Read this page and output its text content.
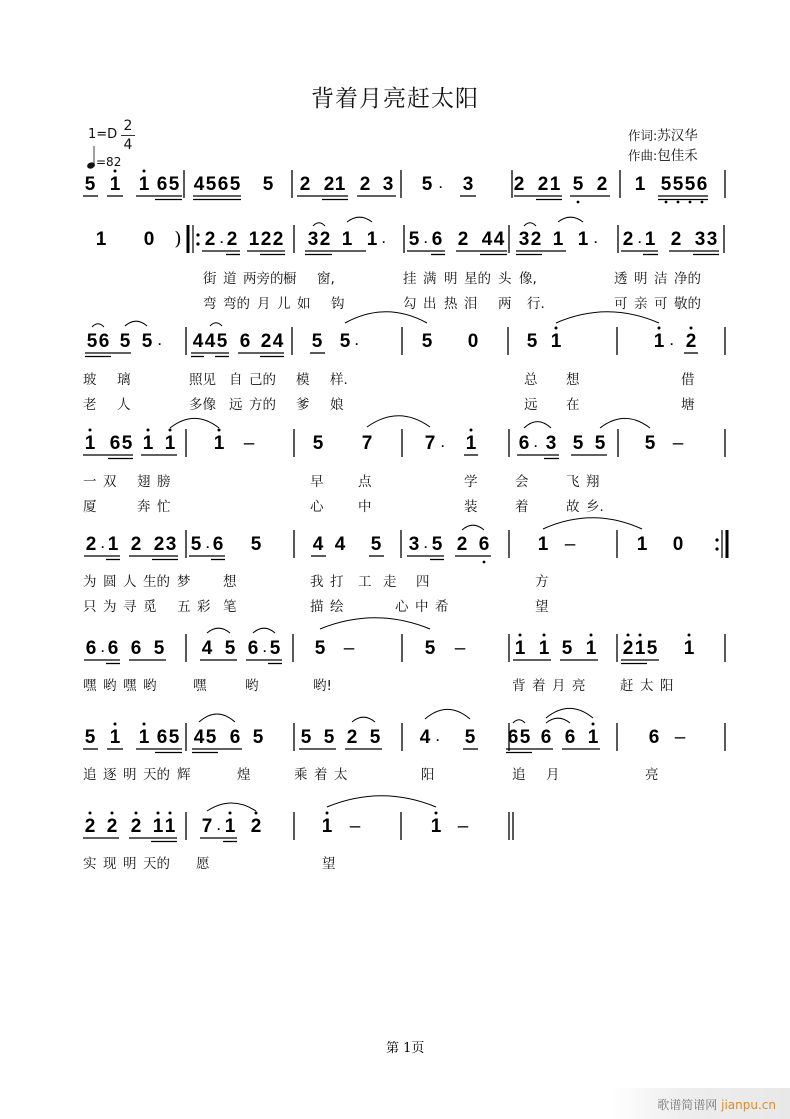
背着月亮赶太阳
1=D
2
4
=82
作词:苏汉华
作曲:包佳禾
5 1 1 6 5 4 5 6 5 5 2 2 1 2 3 5 · 3 2 2 1 5 2 1 5 5 5 6
1 0 ) 2 · 2 1 2 2 3 2 1 1 · 5 · 6 2 4 4 3 2 1 1 · 2 · 1 2 3 3
5 6 5 5 · 4 4 5 6 2 4 5 5 ·	5 0	5 1	1 · 2
1 6 5 1 1 1 –	5 7	7 · 1 6 · 3 5 5 5 –
2 · 1 2 2 3 5 · 6 5	4 4 5 3 · 5 2 6	1 –	1 0
6 · 6 6 5 4 5 6 · 5 5 –	5 –	1 1 5 1 2 1 5 1
5 1 1 6 5 4 5 6 5 5 5 2 5 4 · 5 6 5 6 6 1	6 –
2 2 2 1 1 7 · 1 2	1 –	1 –
街 道 两旁的 橱 窗,	挂 满 明 星的 头 像,	透 明 洁 净的
弯 弯的 月 儿 如 钩	勾 出 热 泪 两 行.	可 亲 可 敬的
玻 璃	照见 自 己的 模 样.	总 想	借
老 人	多像 远 方的 爹 娘	远 在	塘
一 双 翅 膀	早	点	学	会	飞 翔
厦	奔 忙	心	中	装	着	故 乡.
为 圆 人 生的 梦 想	我 打 工 走 四	方
只 为 寻 觅 五 彩 笔	描 绘	心 中 希	望
嘿 哟 嘿 哟	嘿	哟	哟!	背 着 月 亮	赶 太 阳
追 逐 明 天的 辉	煌	乘 着 太	阳	追 月	亮
实 现 明 天的 愿	望
第 1页
歌谱简谱网 jianpu.cn
